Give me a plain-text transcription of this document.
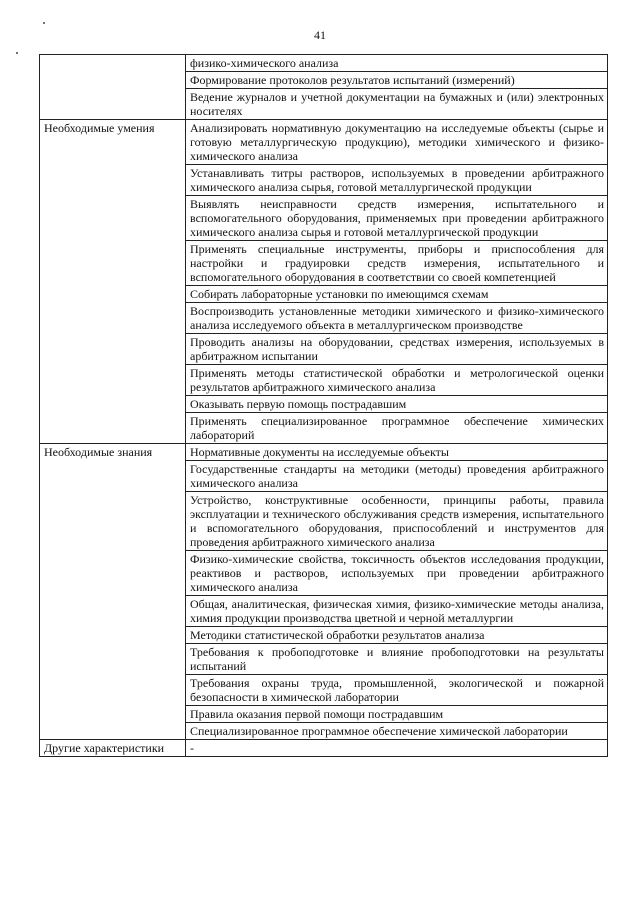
41
	физико-химического анализа
	Формирование протоколов результатов испытаний (измерений)
	Ведение журналов и учетной документации на бумажных и (или) электронных носителях
Необходимые умения	Анализировать нормативную документацию на исследуемые объекты (сырье и готовую металлургическую продукцию), методики химического и физико-химического анализа
	Устанавливать титры растворов, используемых в проведении арбитражного химического анализа сырья, готовой металлургической продукции
	Выявлять неисправности средств измерения, испытательного и вспомогательного оборудования, применяемых при проведении арбитражного химического анализа сырья и готовой металлургической продукции
	Применять специальные инструменты, приборы и приспособления для настройки и градуировки средств измерения, испытательного и вспомогательного оборудования в соответствии со своей компетенцией
	Собирать лабораторные установки по имеющимся схемам
	Воспроизводить установленные методики химического и физико-химического анализа исследуемого объекта в металлургическом производстве
	Проводить анализы на оборудовании, средствах измерения, используемых в арбитражном испытании
	Применять методы статистической обработки и метрологической оценки результатов арбитражного химического анализа
	Оказывать первую помощь пострадавшим
	Применять специализированное программное обеспечение химических лабораторий
Необходимые знания	Нормативные документы на исследуемые объекты
	Государственные стандарты на методики (методы) проведения арбитражного химического анализа
	Устройство, конструктивные особенности, принципы работы, правила эксплуатации и технического обслуживания средств измерения, испытательного и вспомогательного оборудования, приспособлений и инструментов для проведения арбитражного химического анализа
	Физико-химические свойства, токсичность объектов исследования продукции, реактивов и растворов, используемых при проведении арбитражного химического анализа
	Общая, аналитическая, физическая химия, физико-химические методы анализа, химия продукции производства цветной и черной металлургии
	Методики статистической обработки результатов анализа
	Требования к пробоподготовке и влияние пробоподготовки на результаты испытаний
	Требования охраны труда, промышленной, экологической и пожарной безопасности в химической лаборатории
	Правила оказания первой помощи пострадавшим
	Специализированное программное обеспечение химической лаборатории
Другие характеристики	-
